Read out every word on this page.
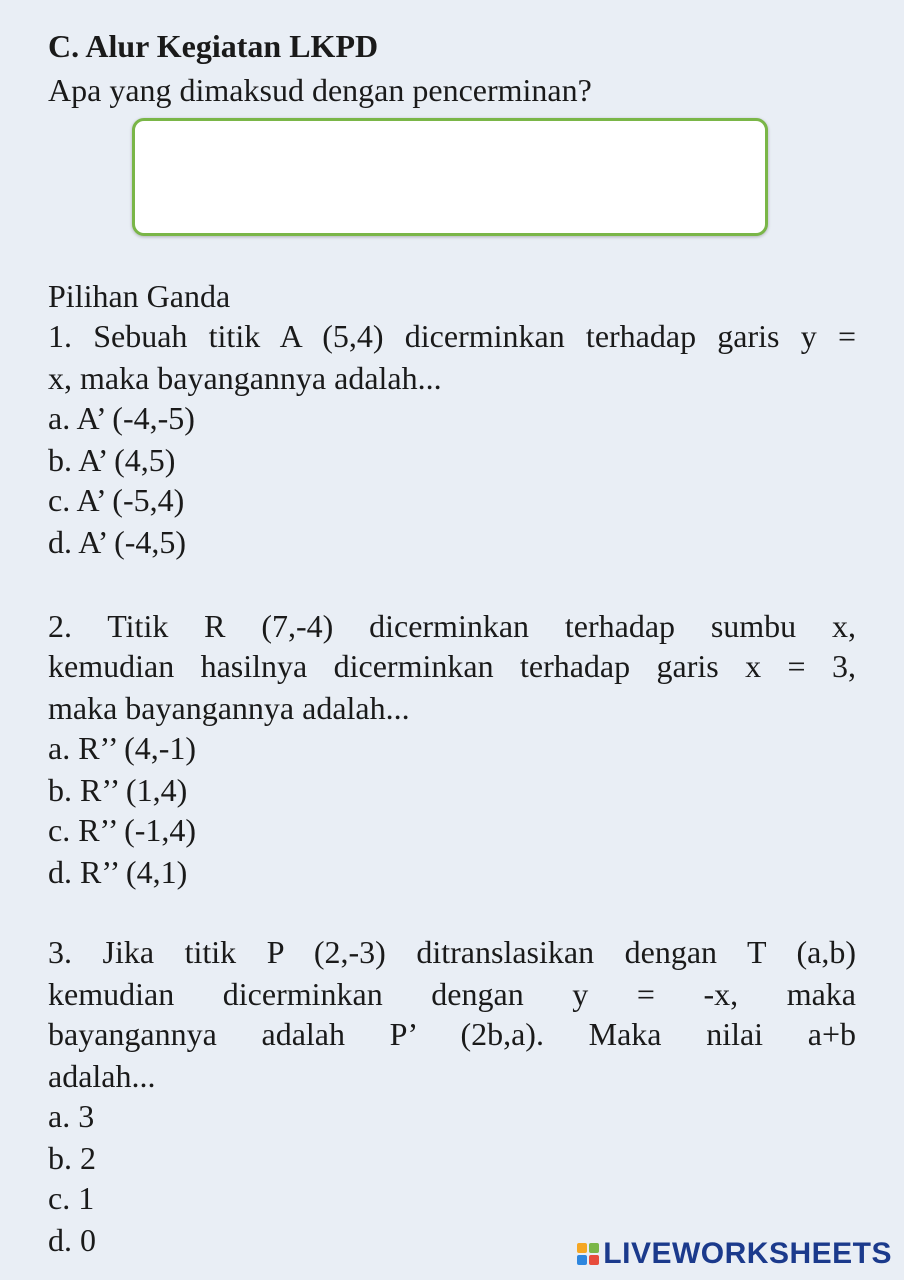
C. Alur Kegiatan LKPD
Apa yang dimaksud dengan pencerminan?
Pilihan Ganda
1. Sebuah titik A (5,4) dicerminkan terhadap garis y =
x, maka bayangannya adalah...
a. A’ (-4,-5)
b. A’ (4,5)
c. A’ (-5,4)
d. A’ (-4,5)
2. Titik R (7,-4) dicerminkan terhadap sumbu x,
kemudian hasilnya dicerminkan terhadap garis x = 3,
maka bayangannya adalah...
a. R’’ (4,-1)
b. R’’ (1,4)
c. R’’ (-1,4)
d. R’’ (4,1)
3. Jika titik P (2,-3) ditranslasikan dengan T (a,b)
kemudian dicerminkan dengan y = -x, maka
bayangannya adalah P’ (2b,a). Maka nilai a+b
adalah...
a. 3
b. 2
c. 1
d. 0	LIVEWORKSHEETS
